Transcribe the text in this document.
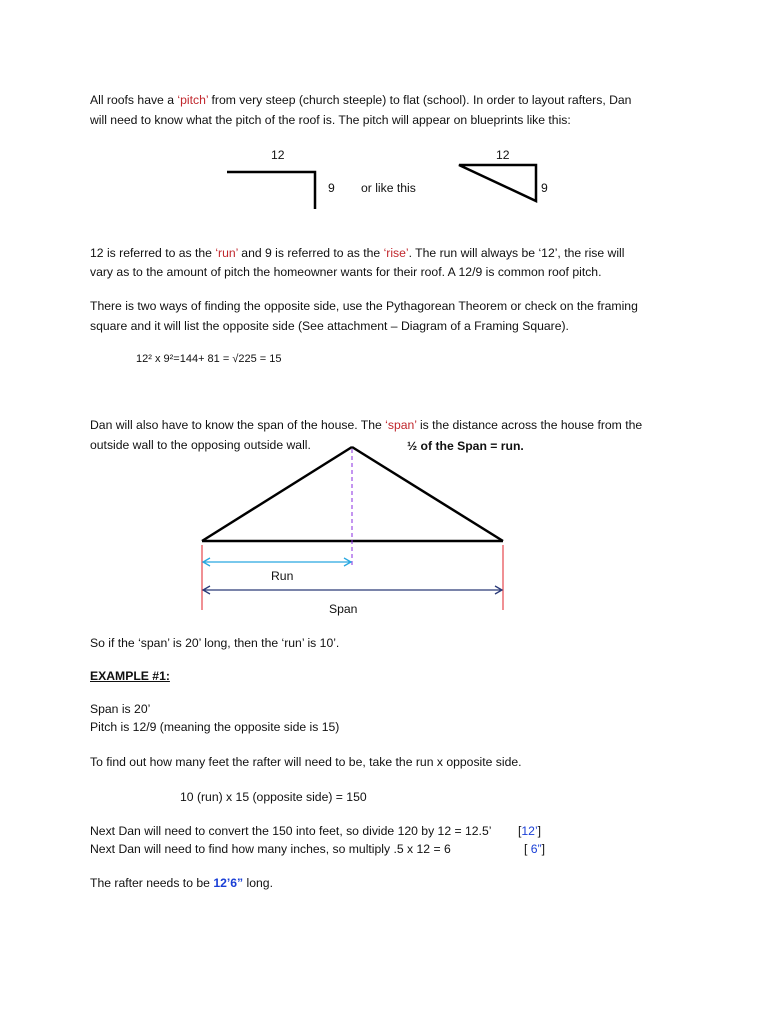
All roofs have a ‘pitch’ from very steep (church steeple) to flat (school). In order to layout rafters, Dan
will need to know what the pitch of the roof is. The pitch will appear on blueprints like this:
12
9 or like this
12
9
12 is referred to as the ‘run’ and 9 is referred to as the ‘rise’. The run will always be ‘12’, the rise will
vary as to the amount of pitch the homeowner wants for their roof. A 12/9 is common roof pitch.
There is two ways of finding the opposite side, use the Pythagorean Theorem or check on the framing
square and it will list the opposite side (See attachment – Diagram of a Framing Square).
12² x 9²=144+ 81 = √225 = 15
Dan will also have to know the span of the house. The ‘span’ is the distance across the house from the
outside wall to the opposing outside wall.	½ of the Span = run.
Run
Span
So if the ‘span’ is 20’ long, then the ‘run’ is 10’.
EXAMPLE #1:
Span is 20’
Pitch is 12/9 (meaning the opposite side is 15)
To find out how many feet the rafter will need to be, take the run x opposite side.
10 (run) x 15 (opposite side) = 150
Next Dan will need to convert the 150 into feet, so divide 120 by 12 = 12.5’ [12’]
Next Dan will need to find how many inches, so multiply .5 x 12 = 6	[ 6”]
The rafter needs to be 12’6” long.
